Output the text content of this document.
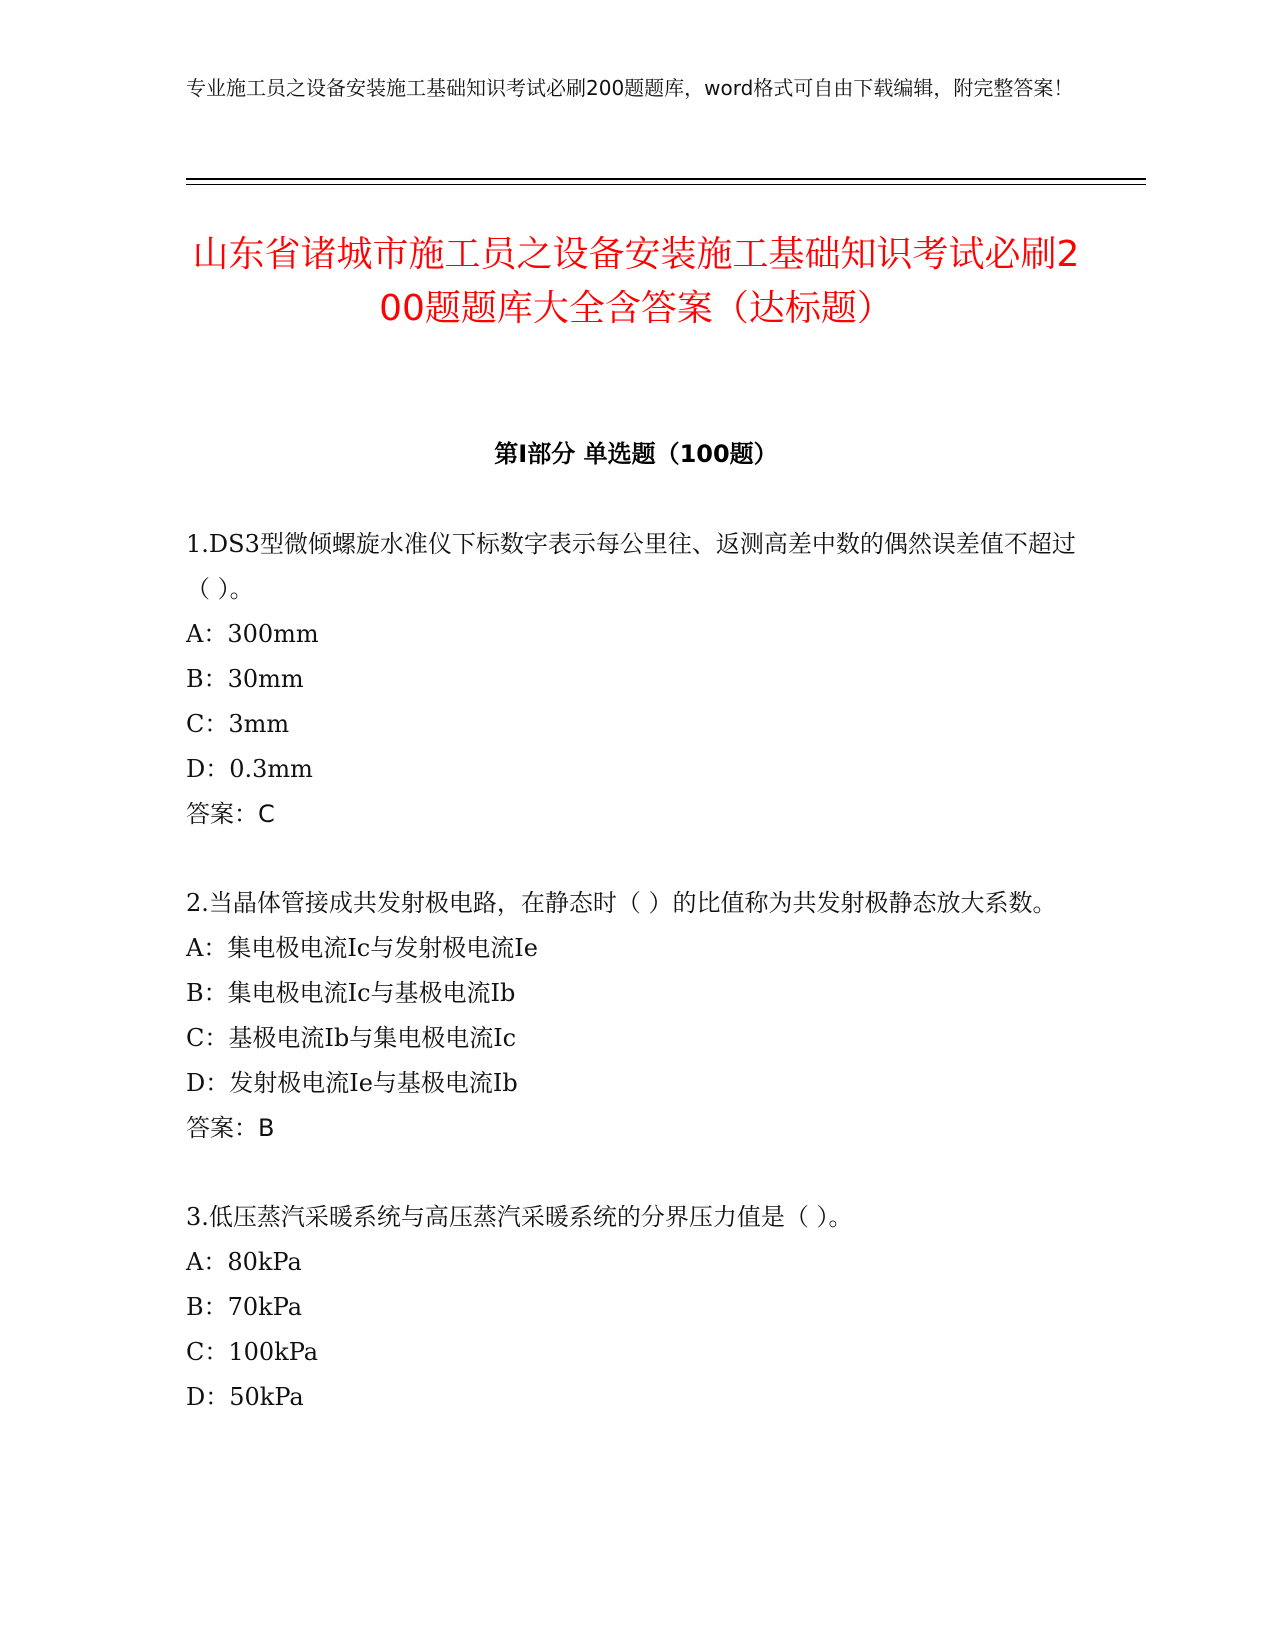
专业施工员之设备安装施工基础知识考试必刷200题题库，word格式可自由下载编辑，附完整答案！
山东省诸城市施工员之设备安装施工基础知识考试必刷200题题库大全含答案（达标题）
第I部分 单选题（100题）

1.DS3型微倾螺旋水准仪下标数字表示每公里往、返测高差中数的偶然误差值不超过（ ）。

A：300mm

B：30mm

C：3mm

D：0.3mm

答案：C

2.当晶体管接成共发射极电路，在静态时（ ）的比值称为共发射极静态放大系数。

A：集电极电流Ic与发射极电流Ie

B：集电极电流Ic与基极电流Ib

C：基极电流Ib与集电极电流Ic

D：发射极电流Ie与基极电流Ib

答案：B

3.低压蒸汽采暖系统与高压蒸汽采暖系统的分界压力值是（ ）。

A：80kPa

B：70kPa

C：100kPa

D：50kPa
